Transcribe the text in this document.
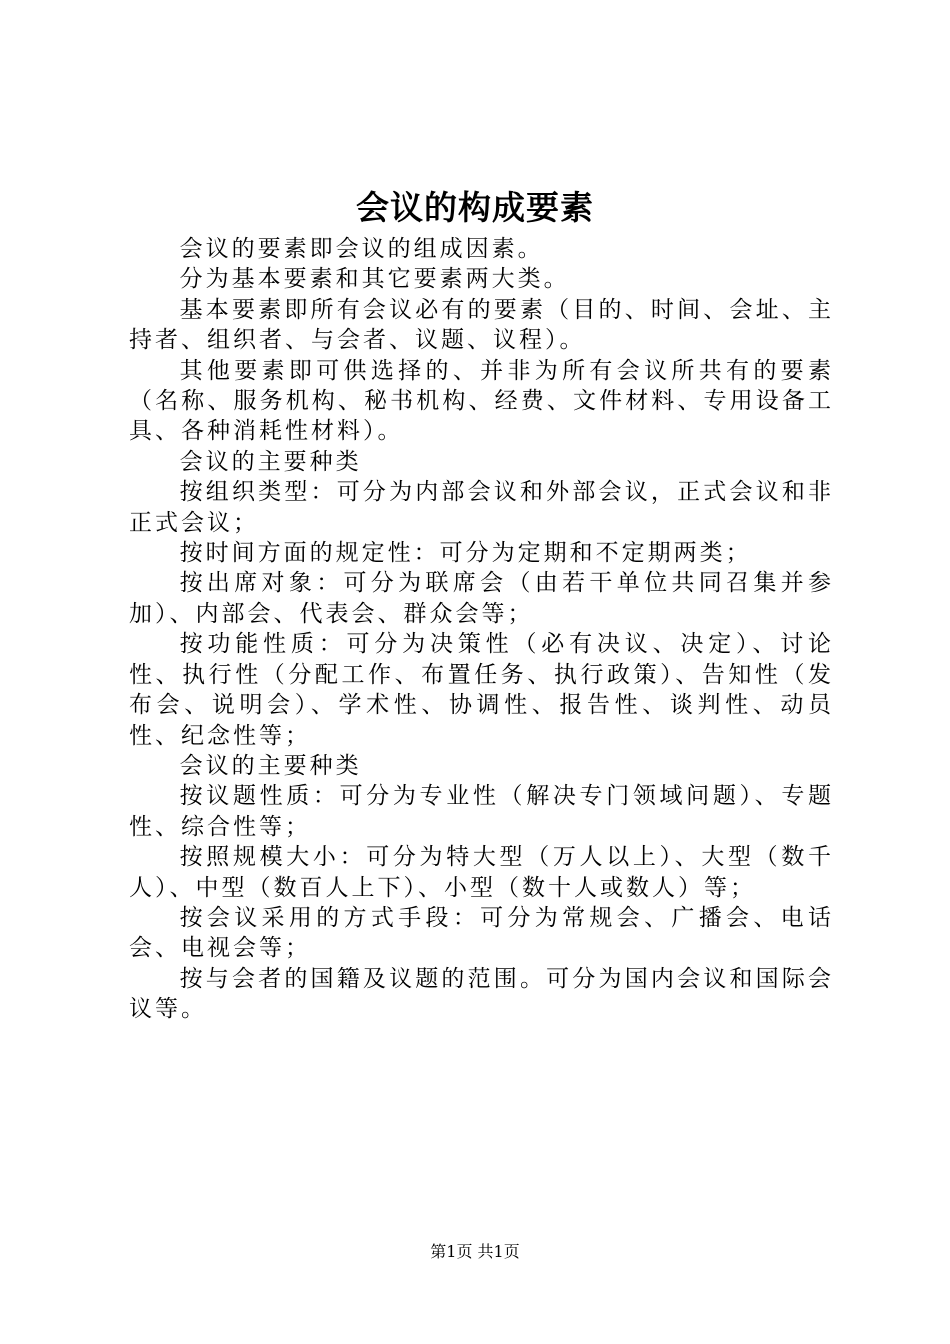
会议的构成要素

会议的要素即会议的组成因素。

分为基本要素和其它要素两大类。

基本要素即所有会议必有的要素（目的、时间、会址、主持者、组织者、与会者、议题、议程）。

其他要素即可供选择的、并非为所有会议所共有的要素（名称、服务机构、秘书机构、经费、文件材料、专用设备工具、各种消耗性材料）。

会议的主要种类

按组织类型：可分为内部会议和外部会议，正式会议和非正式会议；

按时间方面的规定性：可分为定期和不定期两类；

按出席对象：可分为联席会（由若干单位共同召集并参加）、内部会、代表会、群众会等；

按功能性质：可分为决策性（必有决议、决定）、讨论性、执行性（分配工作、布置任务、执行政策）、告知性（发布会、说明会）、学术性、协调性、报告性、谈判性、动员性、纪念性等；

会议的主要种类

按议题性质：可分为专业性（解决专门领域问题）、专题性、综合性等；

按照规模大小：可分为特大型（万人以上）、大型（数千人）、中型（数百人上下）、小型（数十人或数人）等；

按会议采用的方式手段：可分为常规会、广播会、电话会、电视会等；

按与会者的国籍及议题的范围。可分为国内会议和国际会议等。

第1页 共1页
